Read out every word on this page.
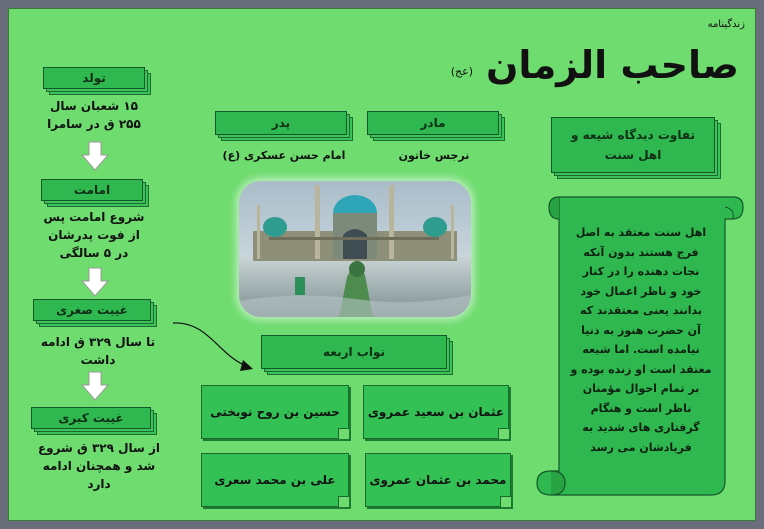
زندگینامه
صاحب الزمان
(عج)
تولد
۱۵ شعبان سال
۲۵۵ ق در سامرا
امامت
شروع امامت پس
از فوت پدرشان
در ۵ سالگی
غیبت صغری
تا سال ۳۲۹ ق ادامه
داشت
غیبت کبری
از سال ۳۲۹ ق شروع
شد و همچنان ادامه
دارد
پدر
امام حسن عسکری (ع)
مادر
نرجس خاتون
نواب اربعه
عثمان بن سعید عمروی
حسین بن روح نوبختی
محمد بن عثمان عمروی
علی بن محمد سعری
تفاوت دیدگاه شیعه و اهل سنت
اهل سنت معتقد به اصل
فرج هستند بدون آنکه
نجات دهنده را در کنار
خود و ناظر اعمال خود
بدانند یعنی معتقدند که
آن حضرت هنوز به دنیا
نیامده است. اما شیعه
معتقد است او زنده بوده و
بر تمام احوال مؤمنان
ناظر است و هنگام
گرفتاری های شدید به
فریادشان می رسد
